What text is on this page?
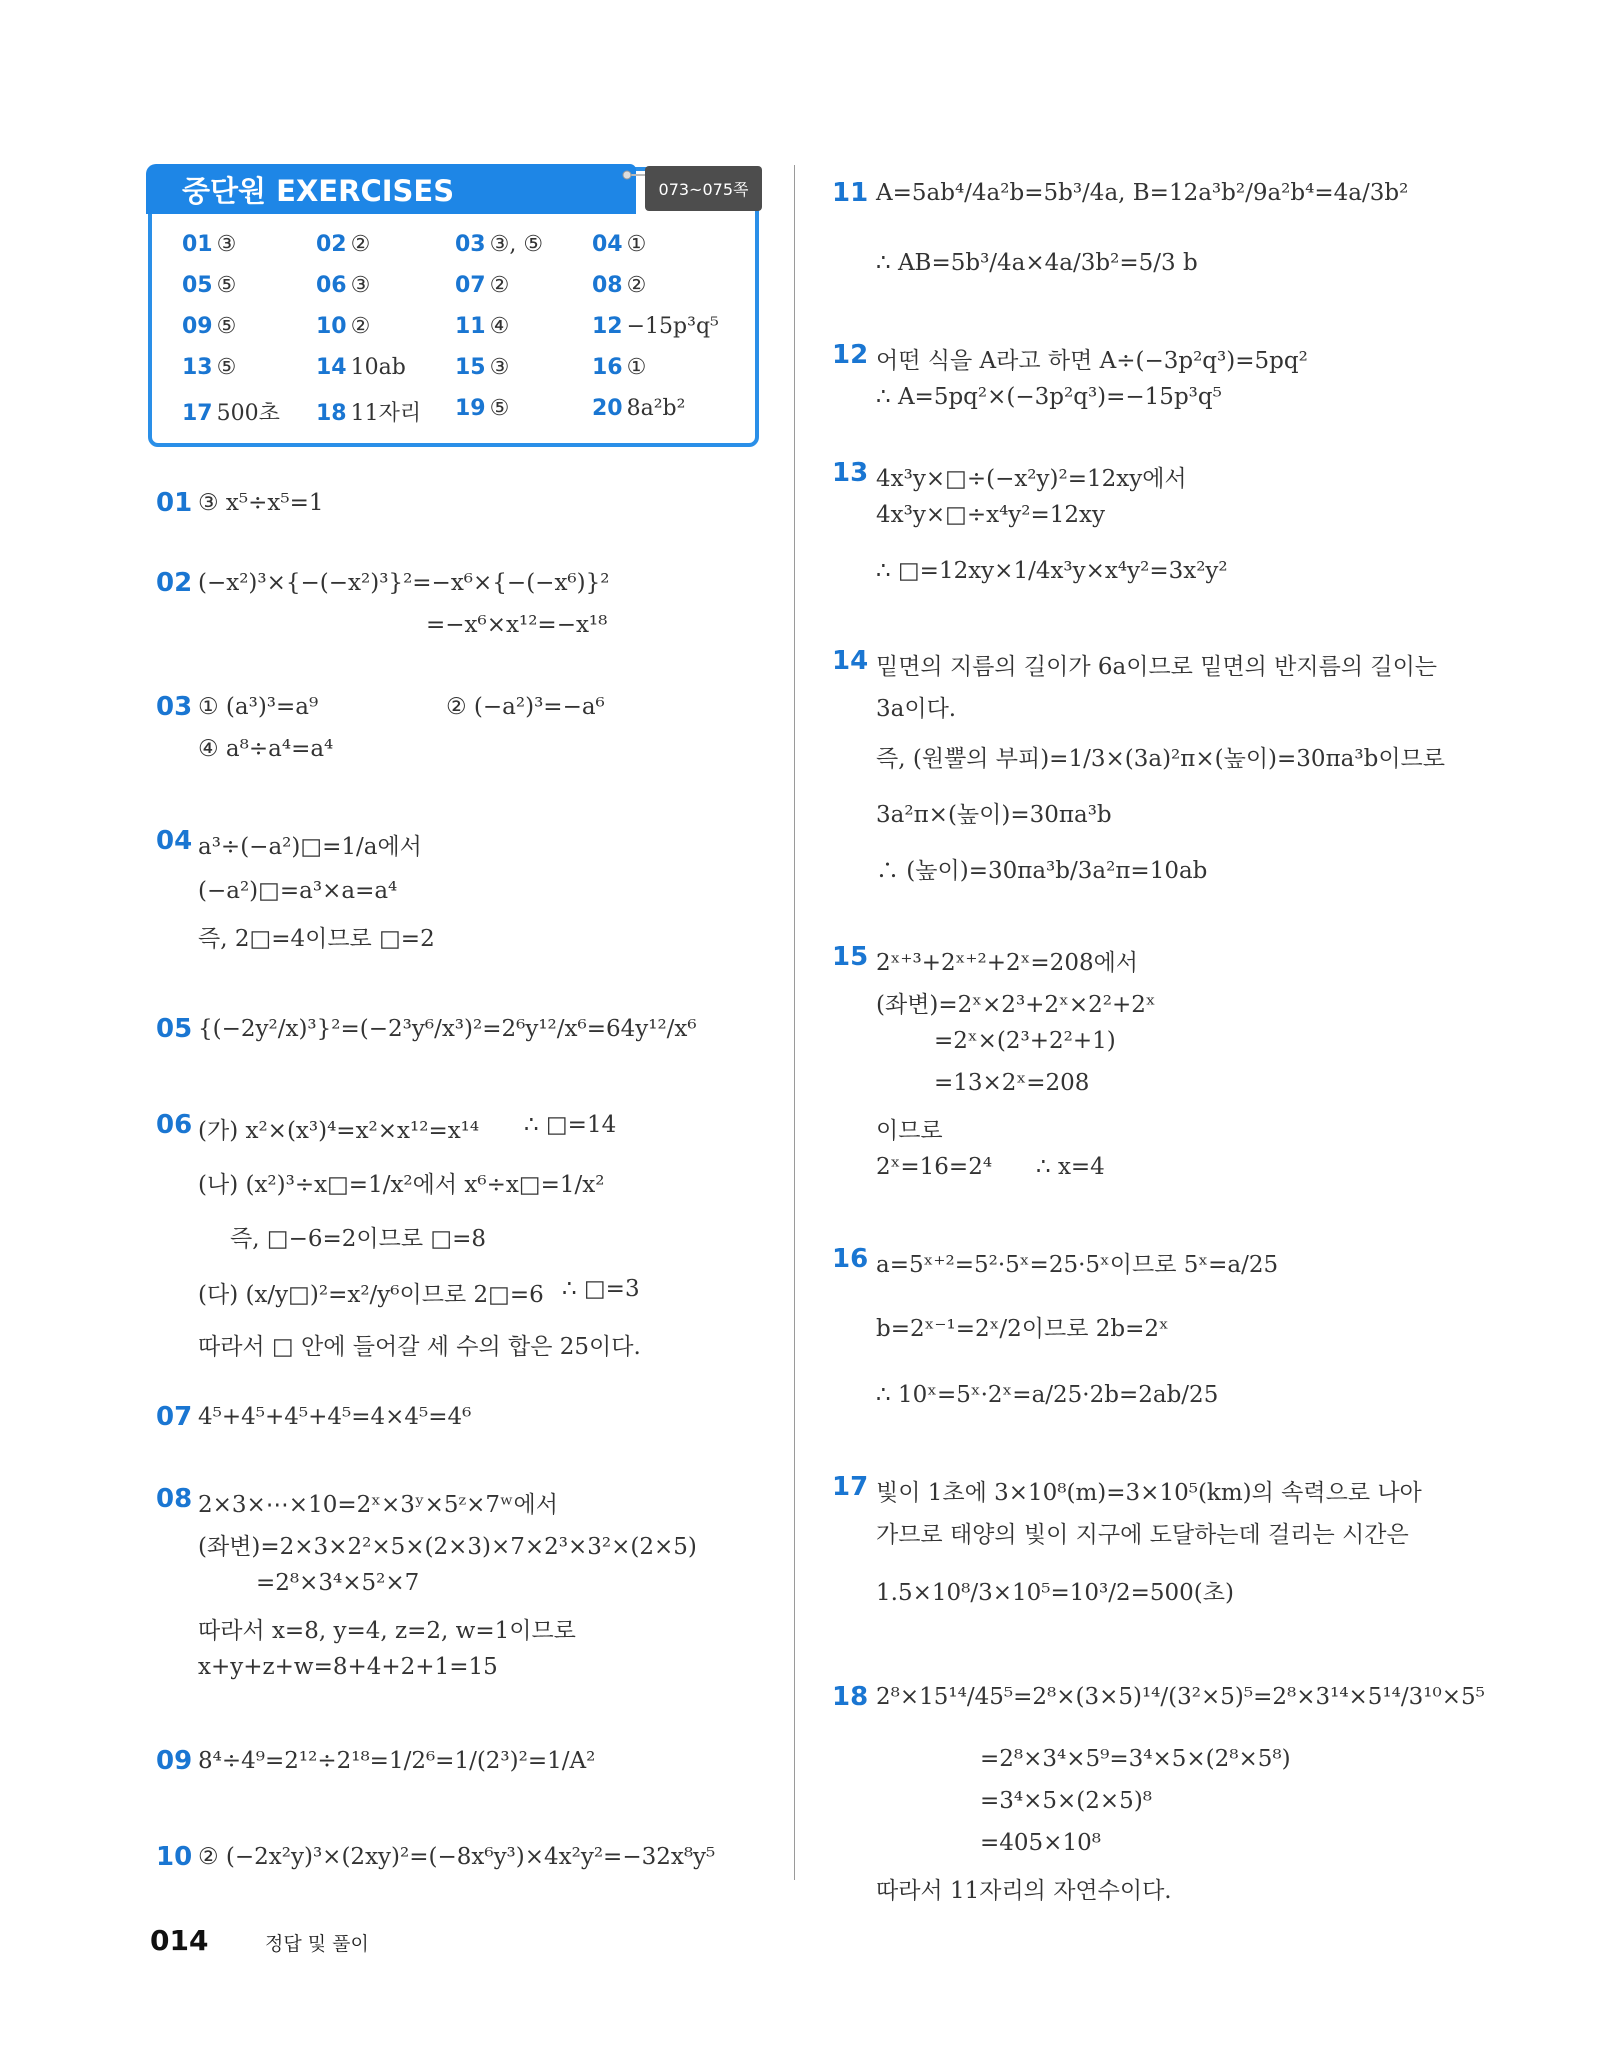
중단원 EXERCISES	073~075쪽
01 ③	02 ②	03 ③, ⑤ 04 ①
05 ⑤	06 ③	07 ②	08 ②
09 ⑤	10 ②	11 ④	12 −15p³q⁵
13 ⑤	14 10ab 15 ③	16 ①
17 500초 18 11자리 19 ⑤	20 8a²b²
01 ③ x⁵÷x⁵=1
02 (−x²)³×{−(−x²)³}²=−x⁶×{−(−x⁶)}²
=−x⁶×x¹²=−x¹⁸
03 ① (a³)³=a⁹	② (−a²)³=−a⁶
④ a⁸÷a⁴=a⁴
04 a³÷(−a²)□=1/a에서
(−a²)□=a³×a=a⁴
즉, 2□=4이므로 □=2
05 {(−2y²/x)³}²=(−2³y⁶/x³)²=2⁶y¹²/x⁶=64y¹²/x⁶
06 (가) x²×(x³)⁴=x²×x¹²=x¹⁴ ∴ □=14
(나) (x²)³÷x□=1/x²에서 x⁶÷x□=1/x²
즉, □−6=2이므로 □=8
(다) (x/y□)²=x²/y⁶이므로 2□=6 ∴ □=3
따라서 □ 안에 들어갈 세 수의 합은 25이다.
07 4⁵+4⁵+4⁵+4⁵=4×4⁵=4⁶
08 2×3×⋯×10=2ˣ×3ʸ×5ᶻ×7ʷ에서
(좌변)=2×3×2²×5×(2×3)×7×2³×3²×(2×5)
=2⁸×3⁴×5²×7
따라서 x=8, y=4, z=2, w=1이므로
x+y+z+w=8+4+2+1=15
09 8⁴÷4⁹=2¹²÷2¹⁸=1/2⁶=1/(2³)²=1/A²
10 ② (−2x²y)³×(2xy)²=(−8x⁶y³)×4x²y²=−32x⁸y⁵
11 A=5ab⁴/4a²b=5b³/4a, B=12a³b²/9a²b⁴=4a/3b²
∴ AB=5b³/4a×4a/3b²=5/3 b
12 어떤 식을 A라고 하면 A÷(−3p²q³)=5pq²
∴ A=5pq²×(−3p²q³)=−15p³q⁵
13 4x³y×□÷(−x²y)²=12xy에서
4x³y×□÷x⁴y²=12xy
∴ □=12xy×1/4x³y×x⁴y²=3x²y²
14 밑면의 지름의 길이가 6a이므로 밑면의 반지름의 길이는
3a이다.
즉, (원뿔의 부피)=1/3×(3a)²π×(높이)=30πa³b이므로
3a²π×(높이)=30πa³b
∴ (높이)=30πa³b/3a²π=10ab
15 2ˣ⁺³+2ˣ⁺²+2ˣ=208에서
(좌변)=2ˣ×2³+2ˣ×2²+2ˣ
=2ˣ×(2³+2²+1)
=13×2ˣ=208
이므로
2ˣ=16=2⁴ ∴ x=4
16 a=5ˣ⁺²=5²·5ˣ=25·5ˣ이므로 5ˣ=a/25
b=2ˣ⁻¹=2ˣ/2이므로 2b=2ˣ
∴ 10ˣ=5ˣ·2ˣ=a/25·2b=2ab/25
17 빛이 1초에 3×10⁸(m)=3×10⁵(km)의 속력으로 나아
가므로 태양의 빛이 지구에 도달하는데 걸리는 시간은
1.5×10⁸/3×10⁵=10³/2=500(초)
18 2⁸×15¹⁴/45⁵=2⁸×(3×5)¹⁴/(3²×5)⁵=2⁸×3¹⁴×5¹⁴/3¹⁰×5⁵
=2⁸×3⁴×5⁹=3⁴×5×(2⁸×5⁸)
=3⁴×5×(2×5)⁸
=405×10⁸
따라서 11자리의 자연수이다.
014	정답 및 풀이
